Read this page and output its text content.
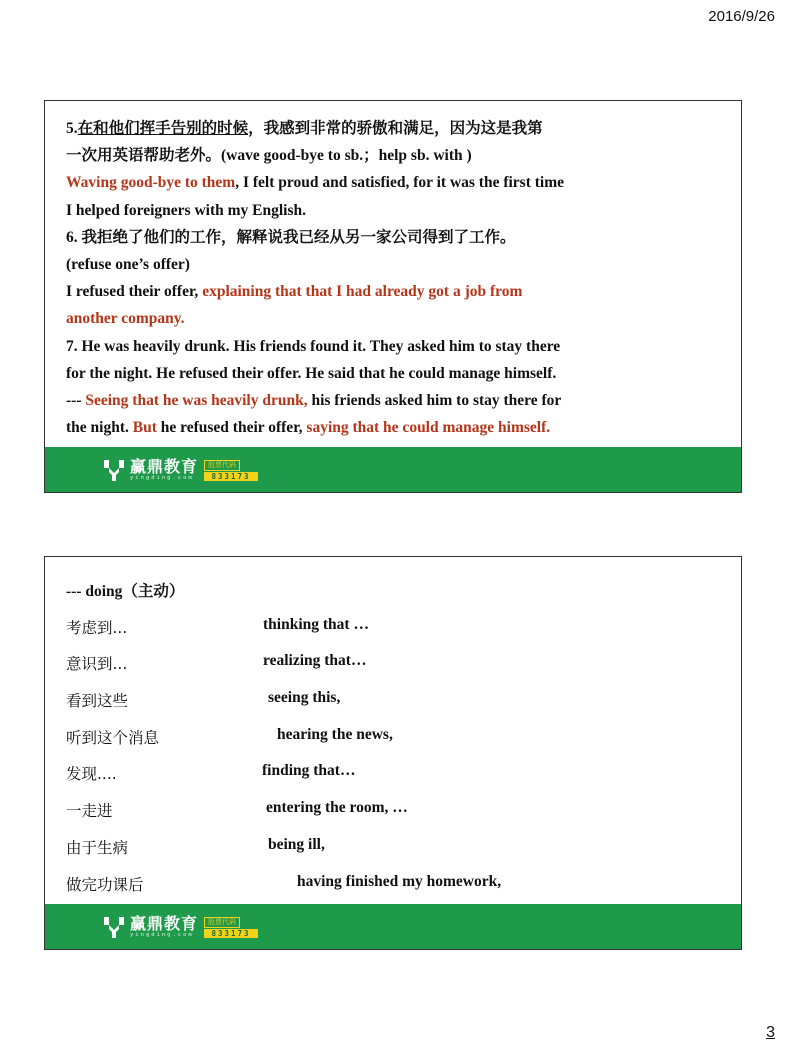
2016/9/26
5.在和他们挥手告别的时候，我感到非常的骄傲和满足，因为这是我第
一次用英语帮助老外。(wave good-bye to sb.；help sb. with )
Waving good-bye to them, I felt proud and satisfied, for it was the first time
I helped foreigners with my English.
6. 我拒绝了他们的工作，解释说我已经从另一家公司得到了工作。
(refuse one’s offer)
I refused their offer, explaining that that I had already got a job from
another company.
7. He was heavily drunk. His friends found it. They asked him to stay there
for the night. He refused their offer. He said that he could manage himself.
--- Seeing that he was heavily drunk, his friends asked him to stay there for
the night. But he refused their offer, saying that he could manage himself.
赢鼎教育
yingding.com
股票代码
833173
--- doing（主动）
考虑到...	thinking that …
意识到...	realizing that…
看到这些	seeing this,
听到这个消息	hearing the news,
发现....	finding that…
一走进	entering the room, …
由于生病	being ill,
做完功课后	having finished my homework,
赢鼎教育
yingding.com
股票代码
833173
3
